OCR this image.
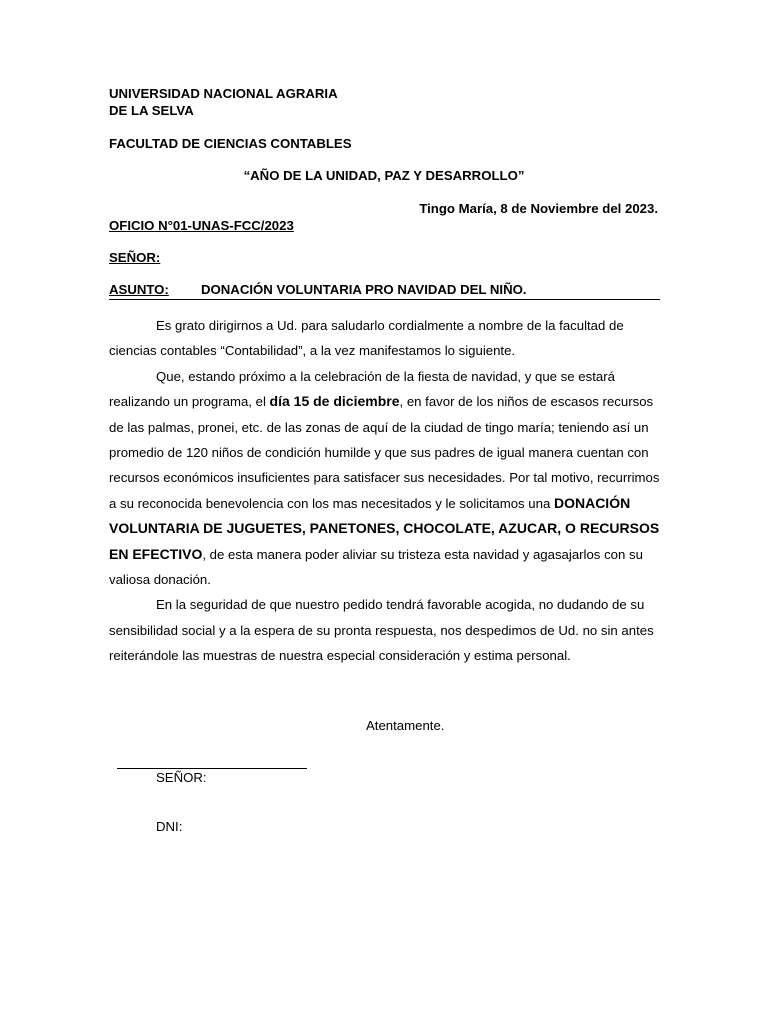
UNIVERSIDAD NACIONAL AGRARIA
DE LA SELVA
FACULTAD DE CIENCIAS CONTABLES
“AÑO DE LA UNIDAD, PAZ Y DESARROLLO”
Tingo María, 8 de Noviembre del 2023.
OFICIO N°01-UNAS-FCC/2023
SEÑOR:
ASUNTO: DONACIÓN VOLUNTARIA PRO NAVIDAD DEL NIÑO.

Es grato dirigirnos a Ud. para saludarlo cordialmente a nombre de la facultad de ciencias contables “Contabilidad”, a la vez manifestamos lo siguiente.

Que, estando próximo a la celebración de la fiesta de navidad, y que se estará realizando un programa, el día 15 de diciembre, en favor de los niños de escasos recursos de las palmas, pronei, etc. de las zonas de aquí de la ciudad de tingo maría; teniendo así un promedio de 120 niños de condición humilde y que sus padres de igual manera cuentan con recursos económicos insuficientes para satisfacer sus necesidades. Por tal motivo, recurrimos a su reconocida benevolencia con los mas necesitados y le solicitamos una DONACIÓN VOLUNTARIA DE JUGUETES, PANETONES, CHOCOLATE, AZUCAR, O RECURSOS EN EFECTIVO, de esta manera poder aliviar su tristeza esta navidad y agasajarlos con su valiosa donación.

En la seguridad de que nuestro pedido tendrá favorable acogida, no dudando de su sensibilidad social y a la espera de su pronta respuesta, nos despedimos de Ud. no sin antes reiterándole las muestras de nuestra especial consideración y estima personal.

Atentamente.
SEÑOR:
DNI:
